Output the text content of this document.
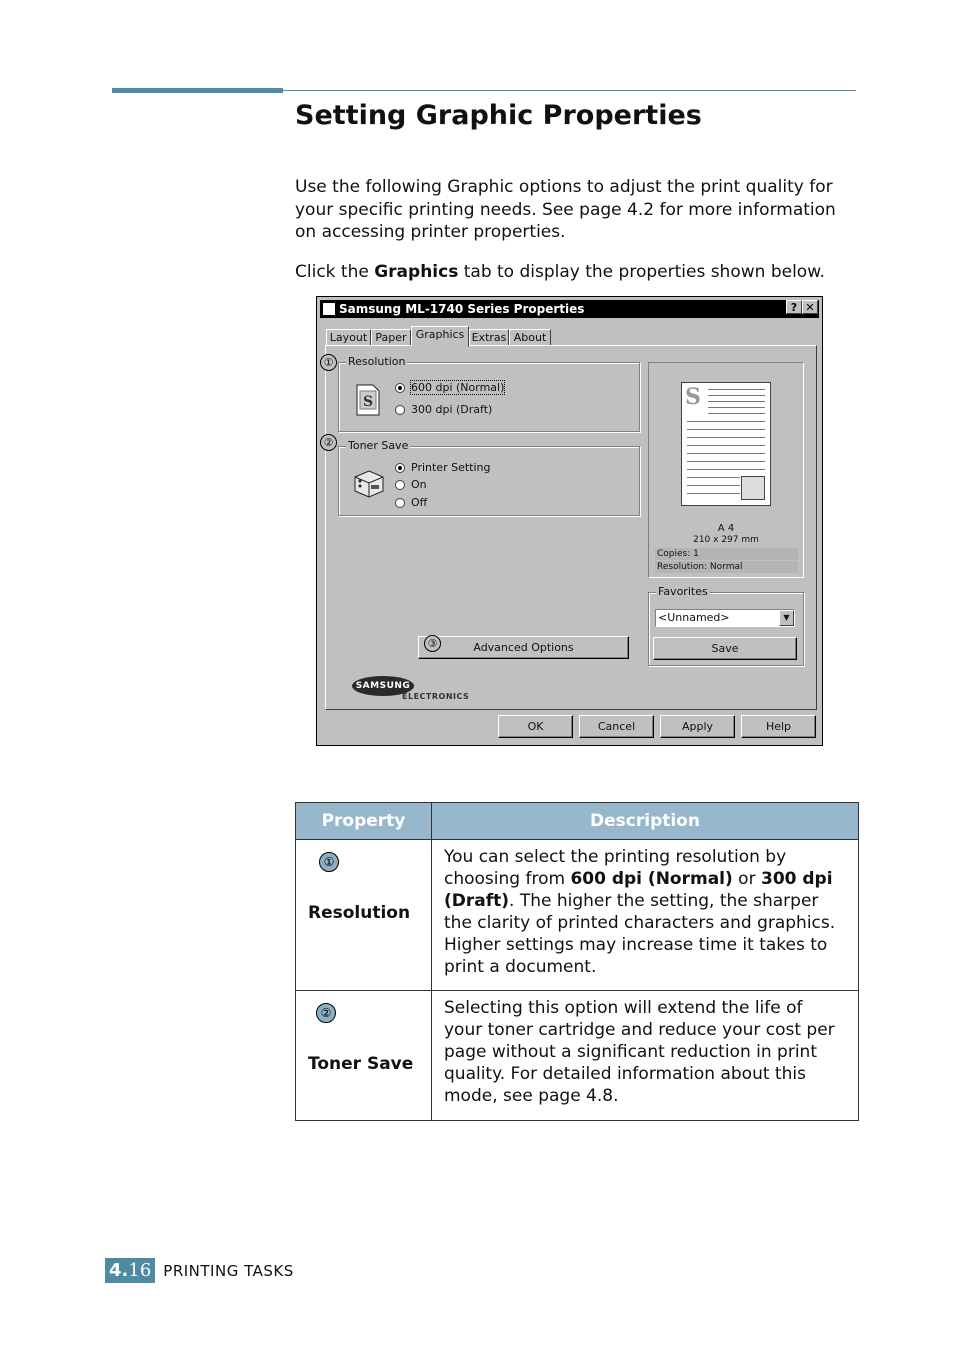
Setting Graphic Properties

Use the following Graphic options to adjust the print quality for your specific printing needs. See page 4.2 for more information on accessing printer properties.

Click the Graphics tab to display the properties shown below.

Samsung ML-1740 Series Properties	? ✕
Layout Paper Graphics Extras About
Resolution
S
600 dpi (Normal)
300 dpi (Draft)
Toner Save
Printer Setting
On
Off
①
②
Advanced Options
③
S
A 4
210 x 297 mm
Copies: 1
Resolution: Normal
Favorites
<Unnamed>	▼
Save
SAMSUNG
ELECTRONICS
OK	Cancel	Apply	Help
Property	Description
①
Resolution	You can select the printing resolution by choosing from 600 dpi (Normal) or 300 dpi (Draft). The higher the setting, the sharper the clarity of printed characters and graphics. Higher settings may increase time it takes to print a document.
②
Toner Save	Selecting this option will extend the life of your toner cartridge and reduce your cost per page without a significant reduction in print quality. For detailed information about this mode, see page 4.8.
4.16 PRINTING TASKS
